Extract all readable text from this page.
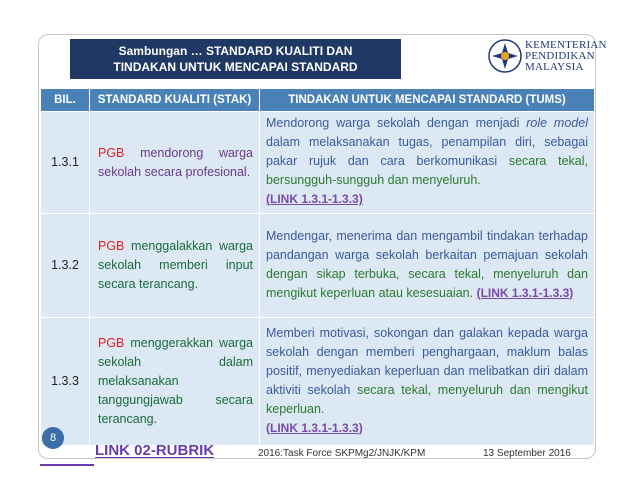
Sambungan … STANDARD KUALITI DAN
TINDAKAN UNTUK MENCAPAI STANDARD
KEMENTERIAN
PENDIDIKAN
MALAYSIA
BIL.	STANDARD KUALITI (STAK)	TINDAKAN UNTUK MENCAPAI STANDARD (TUMS)
1.3.1	PGB mendorong warga sekolah secara profesional.	Mendorong warga sekolah dengan menjadi role model dalam melaksanakan tugas, penampilan diri, sebagai pakar rujuk dan cara berkomunikasi secara tekal, bersungguh-sungguh dan menyeluruh.
(LINK 1.3.1-1.3.3)
1.3.2	PGB menggalakkan warga sekolah memberi input secara terancang.	Mendengar, menerima dan mengambil tindakan terhadap pandangan warga sekolah berkaitan pemajuan sekolah dengan sikap terbuka, secara tekal, menyeluruh dan mengikut keperluan atau kesesuaian. (LINK 1.3.1-1.3.3)
1.3.3	PGB menggerakkan warga sekolah dalam melaksanakan tanggungjawab secara terancang.	Memberi motivasi, sokongan dan galakan kepada warga sekolah dengan memberi penghargaan, maklum balas positif, menyediakan keperluan dan melibatkan diri dalam aktiviti sekolah secara tekal, menyeluruh dan mengikut keperluan.
(LINK 1.3.1-1.3.3)
8
LINK 02-RUBRIK	2016:Task Force SKPMg2/JNJK/KPM	13 September 2016
